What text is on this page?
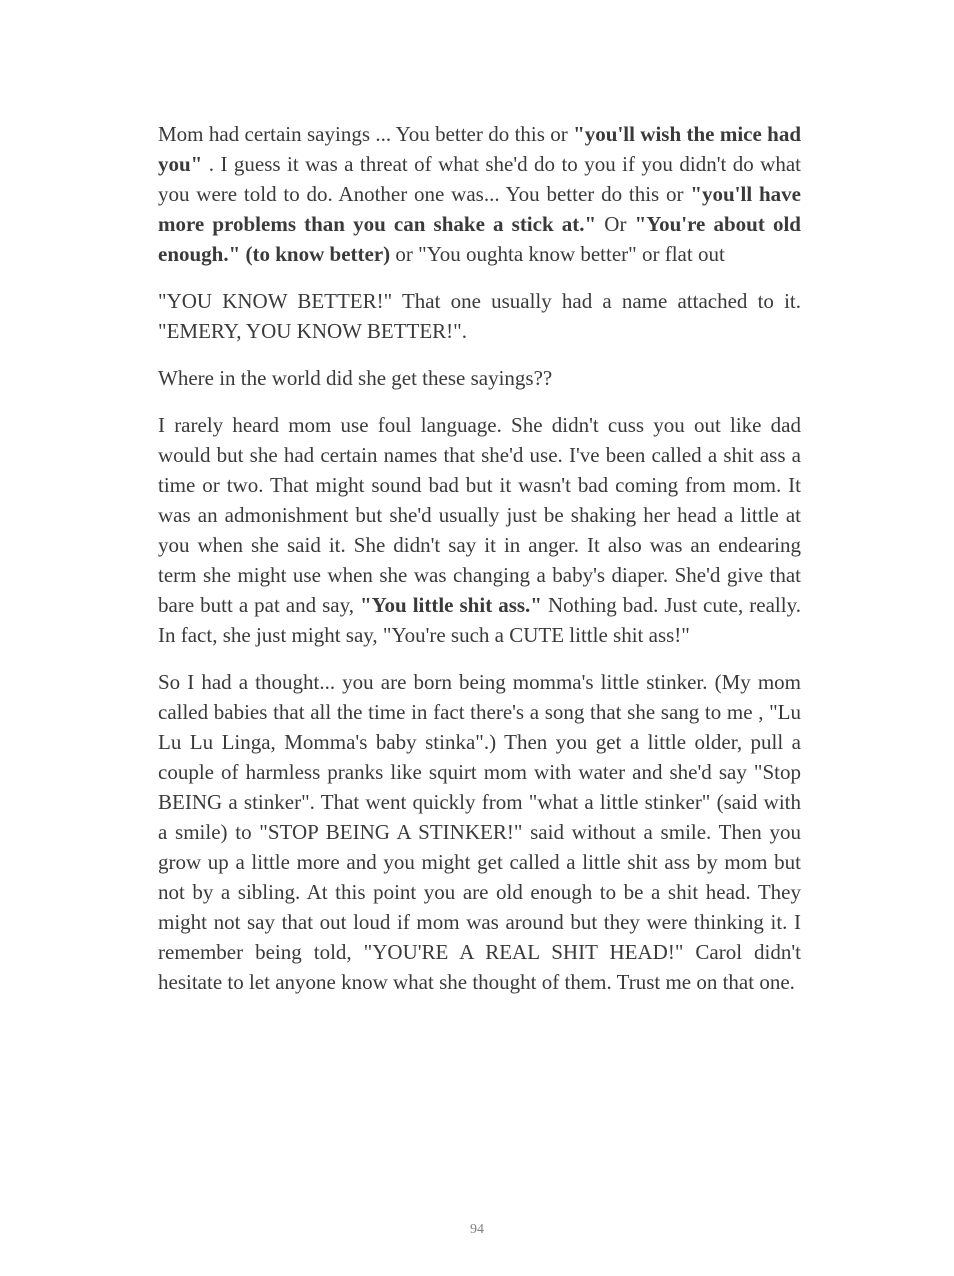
Mom had certain sayings ... You better do this or "you'll wish the mice had you" . I guess it was a threat of what she'd do to you if you didn't do what you were told to do. Another one was... You better do this or "you'll have more problems than you can shake a stick at." Or "You're about old enough." (to know better) or "You oughta know better" or flat out

"YOU KNOW BETTER!" That one usually had a name attached to it. "EMERY, YOU KNOW BETTER!".

Where in the world did she get these sayings??

I rarely heard mom use foul language. She didn't cuss you out like dad would but she had certain names that she'd use. I've been called a shit ass a time or two. That might sound bad but it wasn't bad coming from mom. It was an admonishment but she'd usually just be shaking her head a little at you when she said it. She didn't say it in anger. It also was an endearing term she might use when she was changing a baby's diaper. She'd give that bare butt a pat and say, "You little shit ass." Nothing bad. Just cute, really. In fact, she just might say, "You're such a CUTE little shit ass!"

So I had a thought... you are born being momma's little stinker. (My mom called babies that all the time in fact there's a song that she sang to me , "Lu Lu Lu Linga, Momma's baby stinka".) Then you get a little older, pull a couple of harmless pranks like squirt mom with water and she'd say "Stop BEING a stinker". That went quickly from "what a little stinker" (said with a smile) to "STOP BEING A STINKER!" said without a smile. Then you grow up a little more and you might get called a little shit ass by mom but not by a sibling. At this point you are old enough to be a shit head. They might not say that out loud if mom was around but they were thinking it. I remember being told, "YOU'RE A REAL SHIT HEAD!" Carol didn't hesitate to let anyone know what she thought of them. Trust me on that one.

94
